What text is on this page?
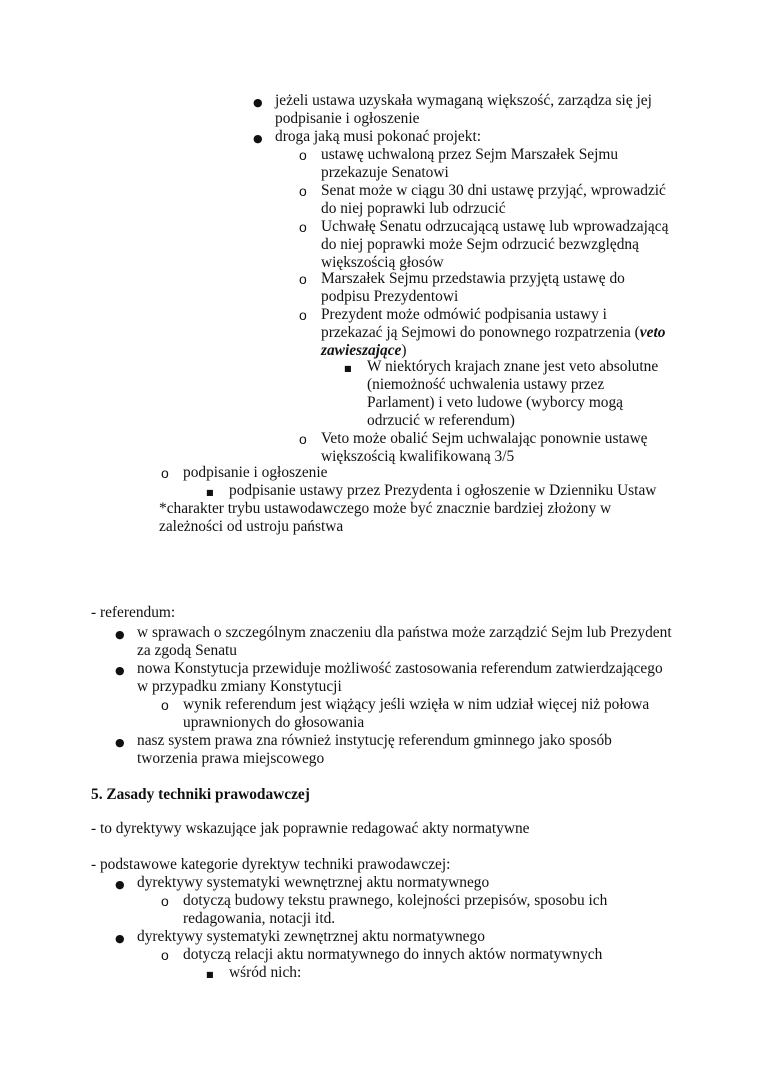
● jeżeli ustawa uzyskała wymaganą większość, zarządza się jej
podpisanie i ogłoszenie
● droga jaką musi pokonać projekt:
o ustawę uchwaloną przez Sejm Marszałek Sejmu
przekazuje Senatowi
o Senat może w ciągu 30 dni ustawę przyjąć, wprowadzić
do niej poprawki lub odrzucić
o Uchwałę Senatu odrzucającą ustawę lub wprowadzającą
do niej poprawki może Sejm odrzucić bezwzględną
większością głosów
o Marszałek Sejmu przedstawia przyjętą ustawę do
podpisu Prezydentowi
o Prezydent może odmówić podpisania ustawy i
przekazać ją Sejmowi do ponownego rozpatrzenia (veto
zawieszające)
■ W niektórych krajach znane jest veto absolutne
(niemożność uchwalenia ustawy przez
Parlament) i veto ludowe (wyborcy mogą
odrzucić w referendum)
o Veto może obalić Sejm uchwalając ponownie ustawę
większością kwalifikowaną 3/5
o podpisanie i ogłoszenie
■ podpisanie ustawy przez Prezydenta i ogłoszenie w Dzienniku Ustaw
*charakter trybu ustawodawczego może być znacznie bardziej złożony w
zależności od ustroju państwa
- referendum:
● w sprawach o szczególnym znaczeniu dla państwa może zarządzić Sejm lub Prezydent
za zgodą Senatu
● nowa Konstytucja przewiduje możliwość zastosowania referendum zatwierdzającego
w przypadku zmiany Konstytucji
o wynik referendum jest wiążący jeśli wzięła w nim udział więcej niż połowa
uprawnionych do głosowania
● nasz system prawa zna również instytucję referendum gminnego jako sposób
tworzenia prawa miejscowego
5. Zasady techniki prawodawczej
- to dyrektywy wskazujące jak poprawnie redagować akty normatywne
- podstawowe kategorie dyrektyw techniki prawodawczej:
● dyrektywy systematyki wewnętrznej aktu normatywnego
o dotyczą budowy tekstu prawnego, kolejności przepisów, sposobu ich
redagowania, notacji itd.
● dyrektywy systematyki zewnętrznej aktu normatywnego
o dotyczą relacji aktu normatywnego do innych aktów normatywnych
■ wśród nich:
